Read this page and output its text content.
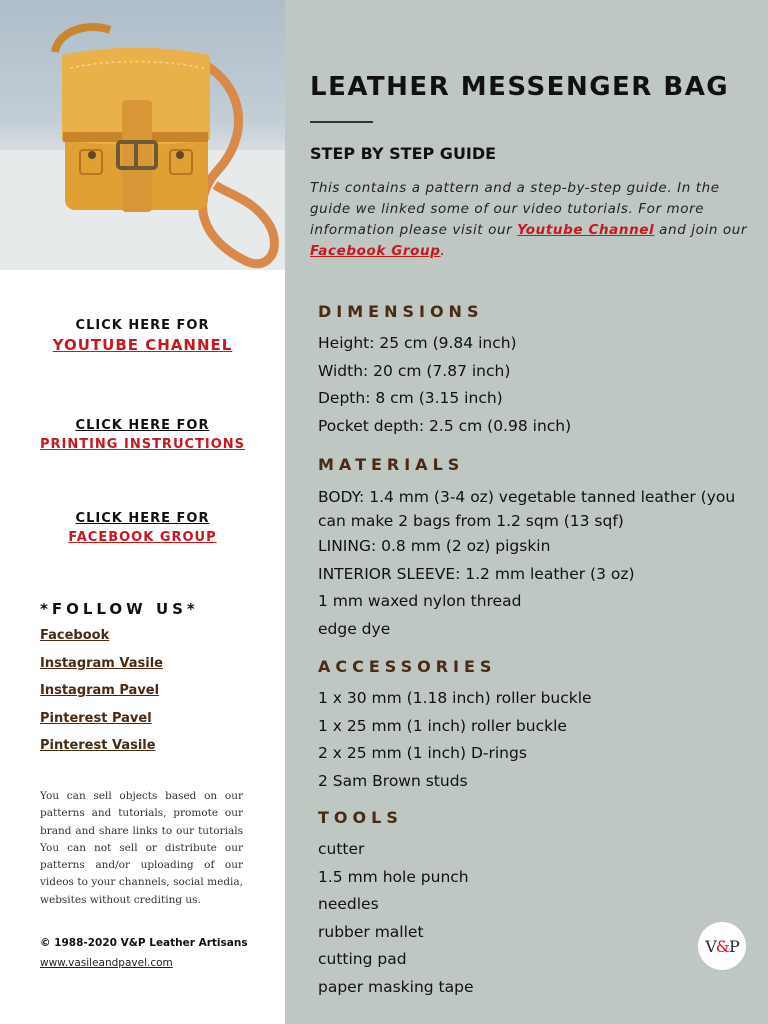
CLICK HERE FOR
YOUTUBE CHANNEL
CLICK HERE FOR
PRINTING INSTRUCTIONS
CLICK HERE FOR
FACEBOOK GROUP
*FOLLOW US*
Facebook
Instagram Vasile
Instagram Pavel
Pinterest Pavel
Pinterest Vasile
You can sell objects based on our patterns and tutorials, promote our brand and share links to our tutorials You can not sell or distribute our patterns and/or uploading of our videos to your channels, social media, websites without crediting us.
© 1988-2020 V&P Leather Artisans
www.vasileandpavel.com
LEATHER MESSENGER BAG
STEP BY STEP GUIDE
This contains a pattern and a step-by-step guide. In the guide we linked some of our video tutorials. For more information please visit our Youtube Channel and join our Facebook Group.
DIMENSIONS
Height: 25 cm (9.84 inch)
Width: 20 cm (7.87 inch)
Depth: 8 cm (3.15 inch)
Pocket depth: 2.5 cm (0.98 inch)
MATERIALS
BODY: 1.4 mm (3-4 oz) vegetable tanned leather (you can make 2 bags from 1.2 sqm (13 sqf)
LINING: 0.8 mm (2 oz) pigskin
INTERIOR SLEEVE: 1.2 mm leather (3 oz)
1 mm waxed nylon thread
edge dye
ACCESSORIES
1 x 30 mm (1.18 inch) roller buckle
1 x 25 mm (1 inch) roller buckle
2 x 25 mm (1 inch) D-rings
2 Sam Brown studs
TOOLS
cutter
1.5 mm hole punch
needles
rubber mallet
cutting pad
paper masking tape
V & P
